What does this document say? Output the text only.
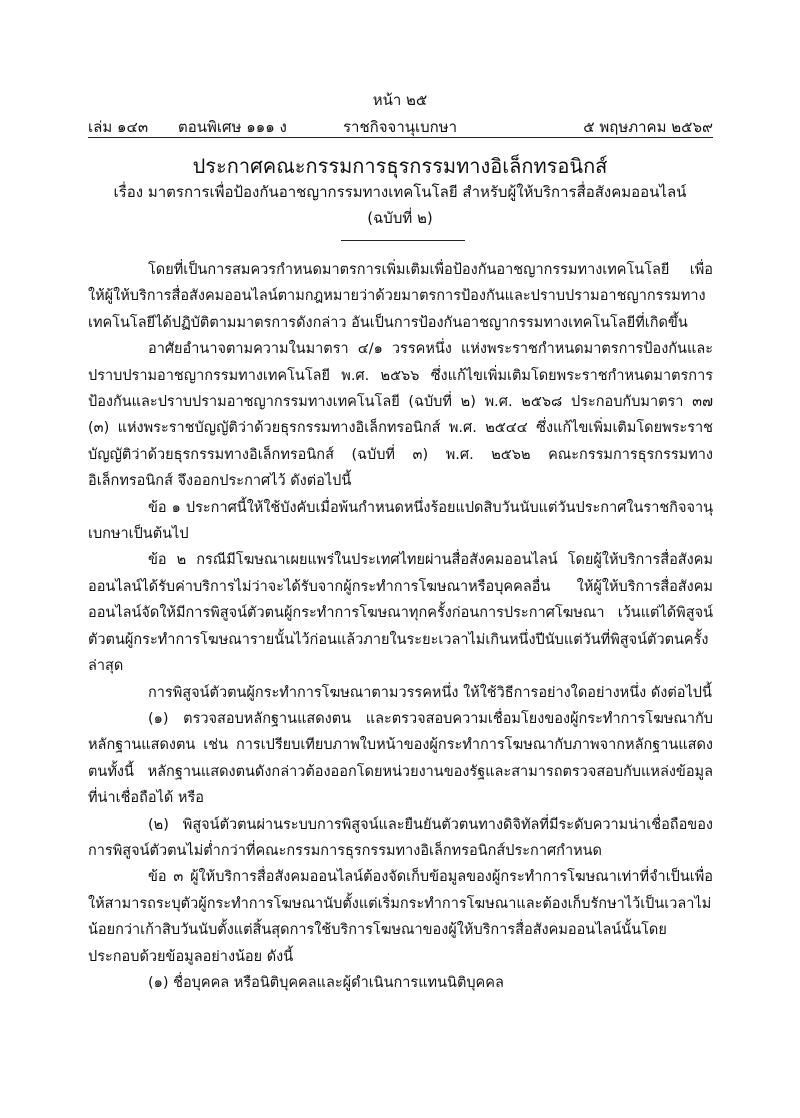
หน้า ๒๕
เล่ม ๑๔๓ ตอนพิเศษ ๑๑๑ ง	ราชกิจจานุเบกษา	๕ พฤษภาคม ๒๕๖๙
ประกาศคณะกรรมการธุรกรรมทางอิเล็กทรอนิกส์
เรื่อง มาตรการเพื่อป้องกันอาชญากรรมทางเทคโนโลยี สำหรับผู้ให้บริการสื่อสังคมออนไลน์
(ฉบับที่ ๒)

โดยที่เป็นการสมควรกำหนดมาตรการเพิ่มเติมเพื่อป้องกันอาชญากรรมทางเทคโนโลยี เพื่อให้ผู้ให้บริการสื่อสังคมออนไลน์ตามกฎหมายว่าด้วยมาตรการป้องกันและปราบปรามอาชญากรรมทางเทคโนโลยีได้ปฏิบัติตามมาตรการดังกล่าว อันเป็นการป้องกันอาชญากรรมทางเทคโนโลยีที่เกิดขึ้น

อาศัยอำนาจตามความในมาตรา ๔/๑ วรรคหนึ่ง แห่งพระราชกำหนดมาตรการป้องกันและปราบปรามอาชญากรรมทางเทคโนโลยี พ.ศ. ๒๕๖๖ ซึ่งแก้ไขเพิ่มเติมโดยพระราชกำหนดมาตรการป้องกันและปราบปรามอาชญากรรมทางเทคโนโลยี (ฉบับที่ ๒) พ.ศ. ๒๕๖๘ ประกอบกับมาตรา ๓๗ (๓) แห่งพระราชบัญญัติว่าด้วยธุรกรรมทางอิเล็กทรอนิกส์ พ.ศ. ๒๕๔๔ ซึ่งแก้ไขเพิ่มเติมโดยพระราชบัญญัติว่าด้วยธุรกรรมทางอิเล็กทรอนิกส์ (ฉบับที่ ๓) พ.ศ. ๒๕๖๒ คณะกรรมการธุรกรรมทางอิเล็กทรอนิกส์ จึงออกประกาศไว้ ดังต่อไปนี้

ข้อ ๑ ประกาศนี้ให้ใช้บังคับเมื่อพ้นกำหนดหนึ่งร้อยแปดสิบวันนับแต่วันประกาศในราชกิจจานุเบกษาเป็นต้นไป

ข้อ ๒ กรณีมีโฆษณาเผยแพร่ในประเทศไทยผ่านสื่อสังคมออนไลน์ โดยผู้ให้บริการสื่อสังคมออนไลน์ได้รับค่าบริการไม่ว่าจะได้รับจากผู้กระทำการโฆษณาหรือบุคคลอื่น ให้ผู้ให้บริการสื่อสังคมออนไลน์จัดให้มีการพิสูจน์ตัวตนผู้กระทำการโฆษณาทุกครั้งก่อนการประกาศโฆษณา เว้นแต่ได้พิสูจน์ตัวตนผู้กระทำการโฆษณารายนั้นไว้ก่อนแล้วภายในระยะเวลาไม่เกินหนึ่งปีนับแต่วันที่พิสูจน์ตัวตนครั้งล่าสุด

การพิสูจน์ตัวตนผู้กระทำการโฆษณาตามวรรคหนึ่ง ให้ใช้วิธีการอย่างใดอย่างหนึ่ง ดังต่อไปนี้

(๑) ตรวจสอบหลักฐานแสดงตน และตรวจสอบความเชื่อมโยงของผู้กระทำการโฆษณากับหลักฐานแสดงตน เช่น การเปรียบเทียบภาพใบหน้าของผู้กระทำการโฆษณากับภาพจากหลักฐานแสดงตนทั้งนี้ หลักฐานแสดงตนดังกล่าวต้องออกโดยหน่วยงานของรัฐและสามารถตรวจสอบกับแหล่งข้อมูลที่น่าเชื่อถือได้ หรือ

(๒) พิสูจน์ตัวตนผ่านระบบการพิสูจน์และยืนยันตัวตนทางดิจิทัลที่มีระดับความน่าเชื่อถือของการพิสูจน์ตัวตนไม่ต่ำกว่าที่คณะกรรมการธุรกรรมทางอิเล็กทรอนิกส์ประกาศกำหนด

ข้อ ๓ ผู้ให้บริการสื่อสังคมออนไลน์ต้องจัดเก็บข้อมูลของผู้กระทำการโฆษณาเท่าที่จำเป็นเพื่อให้สามารถระบุตัวผู้กระทำการโฆษณานับตั้งแต่เริ่มกระทำการโฆษณาและต้องเก็บรักษาไว้เป็นเวลาไม่น้อยกว่าเก้าสิบวันนับตั้งแต่สิ้นสุดการใช้บริการโฆษณาของผู้ให้บริการสื่อสังคมออนไลน์นั้นโดยประกอบด้วยข้อมูลอย่างน้อย ดังนี้

(๑) ชื่อบุคคล หรือนิติบุคคลและผู้ดำเนินการแทนนิติบุคคล
